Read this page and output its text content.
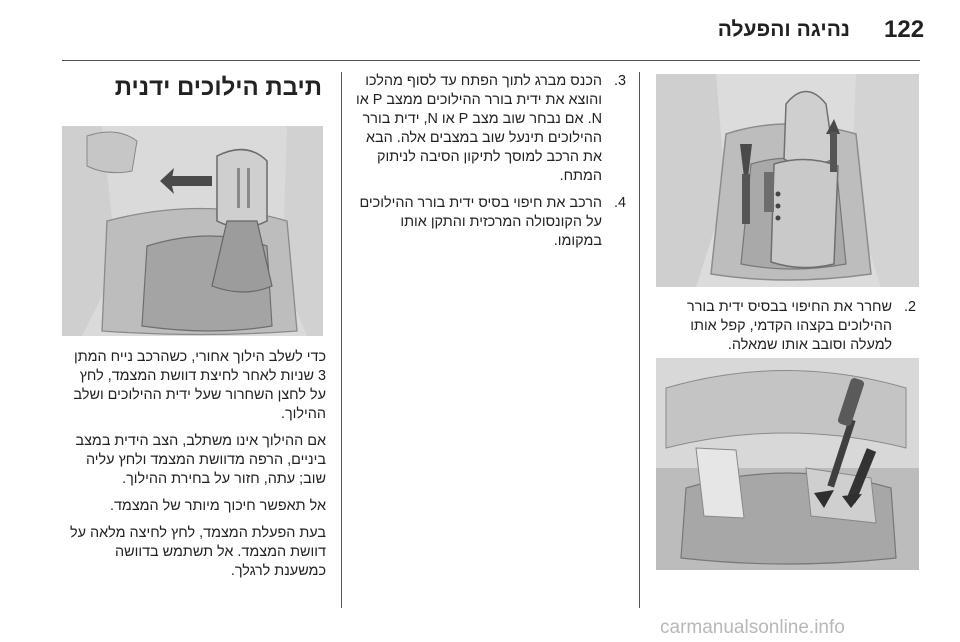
122
נהיגה והפעלה
2.
שחרר את החיפוי בבסיס ידית בורר ההילוכים בקצהו הקדמי, קפל אותו למעלה וסובב אותו שמאלה.

3.
הכנס מברג לתוך הפתח עד לסוף מהלכו והוצא את ידית בורר ההילוכים ממצב P או N. אם נבחר שוב מצב P או N, ידית בורר ההילוכים תינעל שוב במצבים אלה. הבא את הרכב למוסך לתיקון הסיבה לניתוק המתח.

4.
הרכב את חיפוי בסיס ידית בורר ההילוכים על הקונסולה המרכזית והתקן אותו במקומו.

תיבת הילוכים ידנית

כדי לשלב הילוך אחורי, כשהרכב נייח המתן 3 שניות לאחר לחיצת דוושת המצמד, לחץ על לחצן השחרור שעל ידית ההילוכים ושלב ההילוך.

אם ההילוך אינו משתלב, הצב הידית במצב ביניים, הרפה מדוושת המצמד ולחץ עליה שוב; עתה, חזור על בחירת ההילוך.

אל תאפשר חיכוך מיותר של המצמד.

בעת הפעלת המצמד, לחץ לחיצה מלאה על דוושת המצמד. אל תשתמש בדוושה כמשענת לרגלך.

carmanualsonline.info
